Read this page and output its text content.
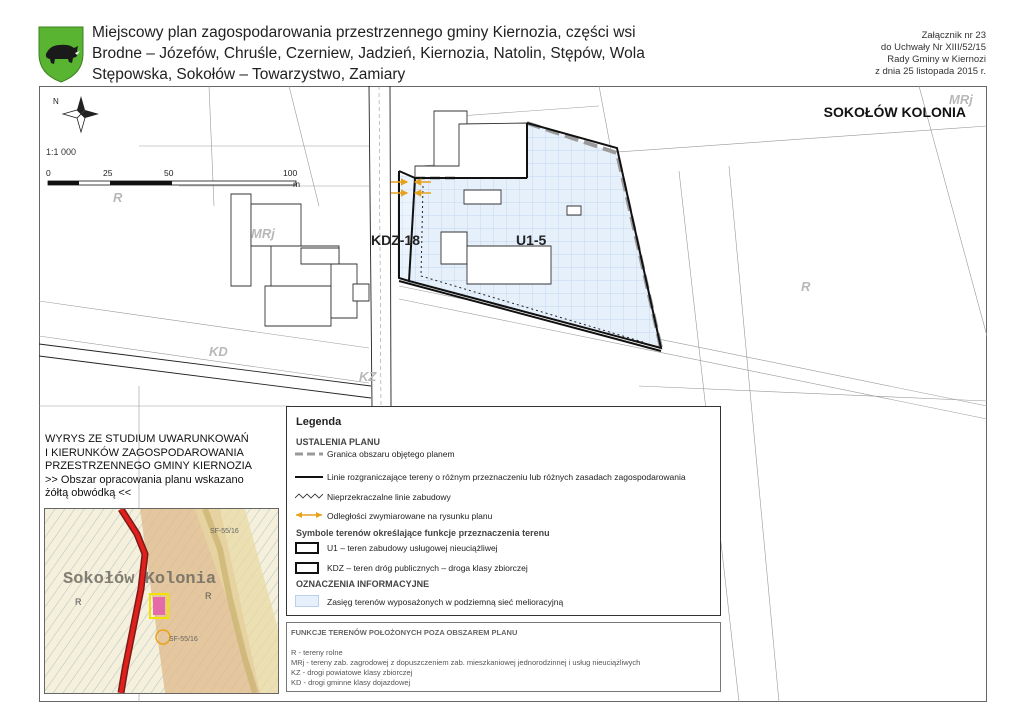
Miejscowy plan zagospodarowania przestrzennego gminy Kiernozia, części wsi
Brodne – Józefów, Chruśle, Czerniew, Jadzień, Kiernozia, Natolin, Stępów, Wola
Stępowska, Sokołów – Towarzystwo, Zamiary
Załącznik nr 23
do Uchwały Nr XIII/52/15
Rady Gminy w Kiernozi
z dnia 25 listopada 2015 r.
N
0	25	50	100
m
KDZ-18	U1-5
R
R
MRj
MRj
KD
KZ
SOKOŁÓW KOLONIA
1:1 000
Legenda
USTALENIA PLANU
Granica obszaru objętego planem
Linie rozgraniczające tereny o różnym przeznaczeniu lub różnych zasadach zagospodarowania
Nieprzekraczalne linie zabudowy
Odległości zwymiarowane na rysunku planu
Symbole terenów określające funkcje przeznaczenia terenu
U1 – teren zabudowy usługowej nieuciążliwej
KDZ – teren dróg publicznych – droga klasy zbiorczej
OZNACZENIA INFORMACYJNE
Zasięg terenów wyposażonych w podziemną sieć melioracyjną
FUNKCJE TERENÓW POŁOŻONYCH POZA OBSZAREM PLANU
R - tereny rolne
MRj - tereny zab. zagrodowej z dopuszczeniem zab. mieszkaniowej jednorodzinnej i usług nieuciążliwych
KZ - drogi powiatowe klasy zbiorczej
KD - drogi gminne klasy dojazdowej
WYRYS ZE STUDIUM UWARUNKOWAŃ
I KIERUNKÓW ZAGOSPODAROWANIA
PRZESTRZENNEGO GMINY KIERNOZIA
>> Obszar opracowania planu wskazano
żółtą obwódką <<
Sokołów Kolonia
R
R
SF-55/16
SF-55/16
